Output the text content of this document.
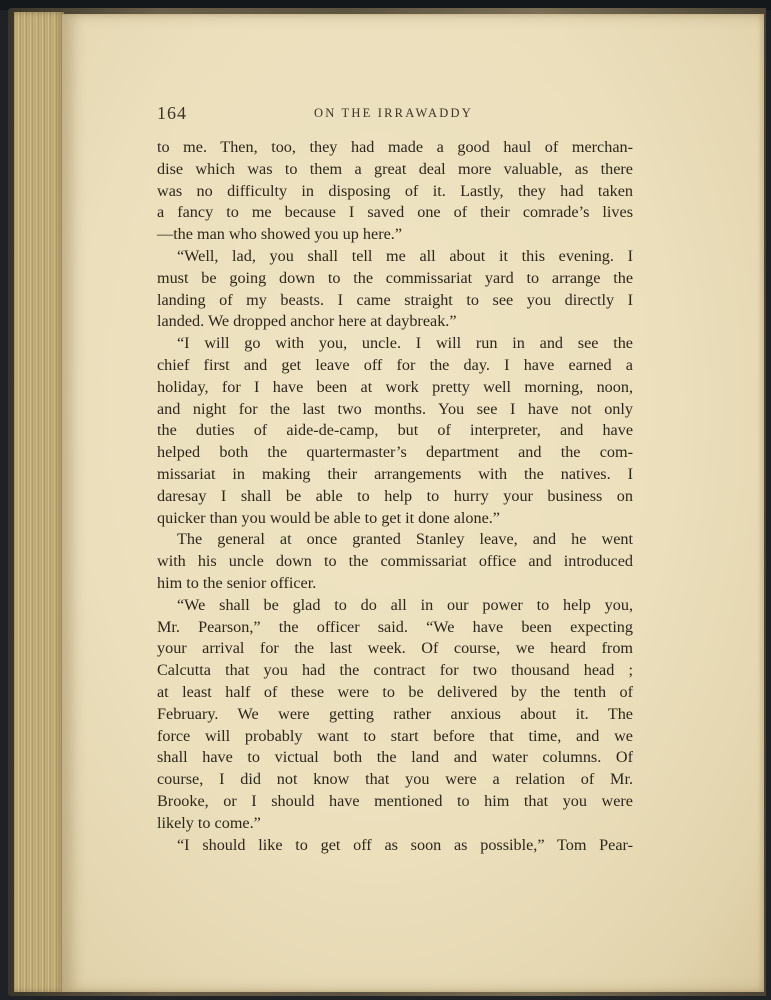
164	ON THE IRRAWADDY

to me. Then, too, they had made a good haul of merchan-

dise which was to them a great deal more valuable, as there

was no difficulty in disposing of it. Lastly, they had taken

a fancy to me because I saved one of their comrade’s lives

—the man who showed you up here.”

“Well, lad, you shall tell me all about it this evening. I

must be going down to the commissariat yard to arrange the

landing of my beasts. I came straight to see you directly I

landed. We dropped anchor here at daybreak.”

“I will go with you, uncle. I will run in and see the

chief first and get leave off for the day. I have earned a

holiday, for I have been at work pretty well morning, noon,

and night for the last two months. You see I have not only

the duties of aide-de-camp, but of interpreter, and have

helped both the quartermaster’s department and the com-

missariat in making their arrangements with the natives. I

daresay I shall be able to help to hurry your business on

quicker than you would be able to get it done alone.”

The general at once granted Stanley leave, and he went

with his uncle down to the commissariat office and introduced

him to the senior officer.

“We shall be glad to do all in our power to help you,

Mr. Pearson,” the officer said. “We have been expecting

your arrival for the last week. Of course, we heard from

Calcutta that you had the contract for two thousand head ;

at least half of these were to be delivered by the tenth of

February. We were getting rather anxious about it. The

force will probably want to start before that time, and we

shall have to victual both the land and water columns. Of

course, I did not know that you were a relation of Mr.

Brooke, or I should have mentioned to him that you were

likely to come.”

“I should like to get off as soon as possible,” Tom Pear-
